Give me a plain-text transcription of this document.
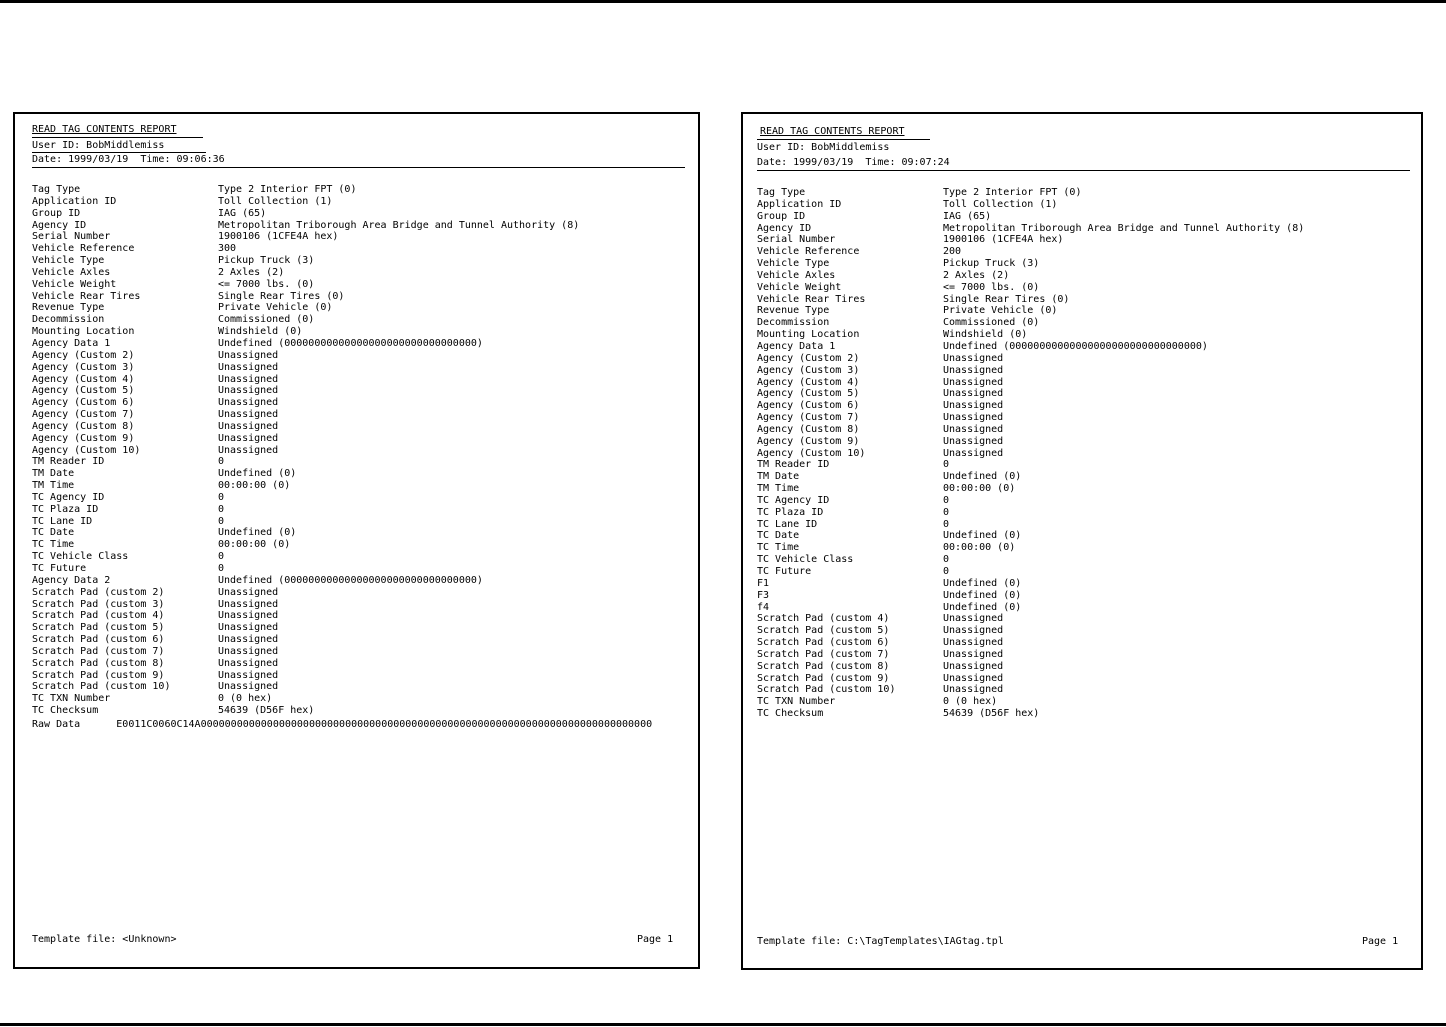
READ TAG CONTENTS REPORT
User ID: BobMiddlemiss
Date: 1999/03/19  Time: 09:06:36
Tag Type	Type 2 Interior FPT (0)
Application ID	Toll Collection (1)
Group ID	IAG (65)
Agency ID	Metropolitan Triborough Area Bridge and Tunnel Authority (8)
Serial Number	1900106 (1CFE4A hex)
Vehicle Reference	300
Vehicle Type	Pickup Truck (3)
Vehicle Axles	2 Axles (2)
Vehicle Weight	<= 7000 lbs. (0)
Vehicle Rear Tires	Single Rear Tires (0)
Revenue Type	Private Vehicle (0)
Decommission	Commissioned (0)
Mounting Location	Windshield (0)
Agency Data 1	Undefined (00000000000000000000000000000000)
Agency (Custom 2)	Unassigned
Agency (Custom 3)	Unassigned
Agency (Custom 4)	Unassigned
Agency (Custom 5)	Unassigned
Agency (Custom 6)	Unassigned
Agency (Custom 7)	Unassigned
Agency (Custom 8)	Unassigned
Agency (Custom 9)	Unassigned
Agency (Custom 10)	Unassigned
TM Reader ID	0
TM Date	Undefined (0)
TM Time	00:00:00 (0)
TC Agency ID	0
TC Plaza ID	0
TC Lane ID	0
TC Date	Undefined (0)
TC Time	00:00:00 (0)
TC Vehicle Class	0
TC Future	0
Agency Data 2	Undefined (00000000000000000000000000000000)
Scratch Pad (custom 2)	Unassigned
Scratch Pad (custom 3)	Unassigned
Scratch Pad (custom 4)	Unassigned
Scratch Pad (custom 5)	Unassigned
Scratch Pad (custom 6)	Unassigned
Scratch Pad (custom 7)	Unassigned
Scratch Pad (custom 8)	Unassigned
Scratch Pad (custom 9)	Unassigned
Scratch Pad (custom 10)	Unassigned
TC TXN Number	0 (0 hex)
TC Checksum	54639 (D56F hex)
Raw Data      E0011C0060C14A000000000000000000000000000000000000000000000000000000000000000000000000000
Template file: <Unknown>	Page 1
READ TAG CONTENTS REPORT
User ID: BobMiddlemiss
Date: 1999/03/19  Time: 09:07:24
Tag Type	Type 2 Interior FPT (0)
Application ID	Toll Collection (1)
Group ID	IAG (65)
Agency ID	Metropolitan Triborough Area Bridge and Tunnel Authority (8)
Serial Number	1900106 (1CFE4A hex)
Vehicle Reference	200
Vehicle Type	Pickup Truck (3)
Vehicle Axles	2 Axles (2)
Vehicle Weight	<= 7000 lbs. (0)
Vehicle Rear Tires	Single Rear Tires (0)
Revenue Type	Private Vehicle (0)
Decommission	Commissioned (0)
Mounting Location	Windshield (0)
Agency Data 1	Undefined (00000000000000000000000000000000)
Agency (Custom 2)	Unassigned
Agency (Custom 3)	Unassigned
Agency (Custom 4)	Unassigned
Agency (Custom 5)	Unassigned
Agency (Custom 6)	Unassigned
Agency (Custom 7)	Unassigned
Agency (Custom 8)	Unassigned
Agency (Custom 9)	Unassigned
Agency (Custom 10)	Unassigned
TM Reader ID	0
TM Date	Undefined (0)
TM Time	00:00:00 (0)
TC Agency ID	0
TC Plaza ID	0
TC Lane ID	0
TC Date	Undefined (0)
TC Time	00:00:00 (0)
TC Vehicle Class	0
TC Future	0
F1	Undefined (0)
F3	Undefined (0)
f4	Undefined (0)
Scratch Pad (custom 4)	Unassigned
Scratch Pad (custom 5)	Unassigned
Scratch Pad (custom 6)	Unassigned
Scratch Pad (custom 7)	Unassigned
Scratch Pad (custom 8)	Unassigned
Scratch Pad (custom 9)	Unassigned
Scratch Pad (custom 10)	Unassigned
TC TXN Number	0 (0 hex)
TC Checksum	54639 (D56F hex)
Template file: C:\TagTemplates\IAGtag.tpl	Page 1
